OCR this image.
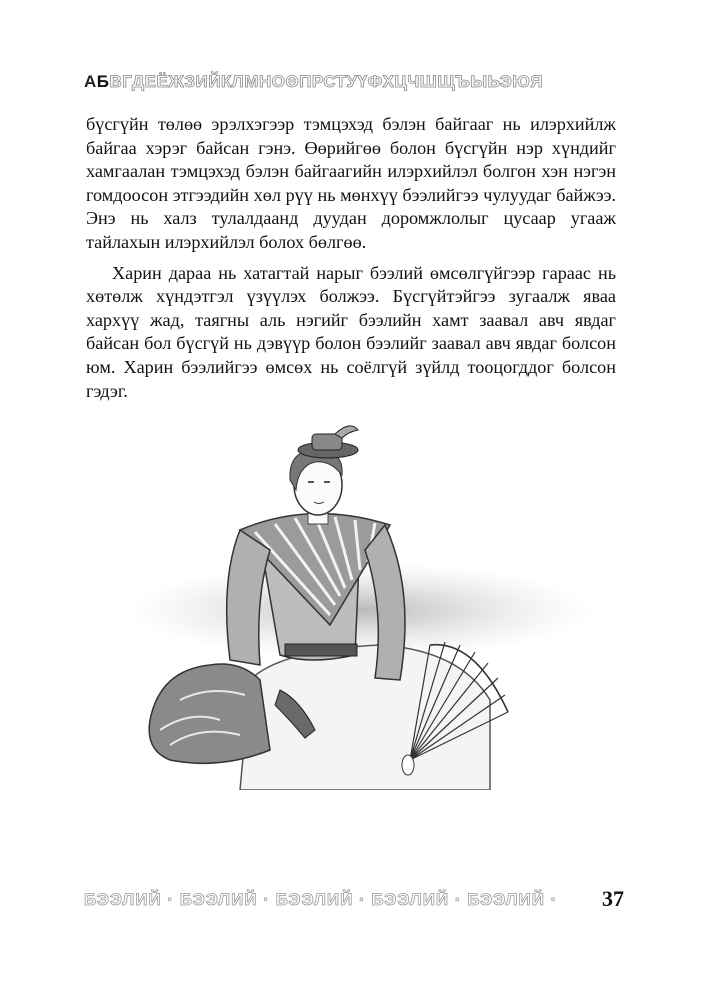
АБВГДЕЁЖЗИЙКЛМНОӨПРСТУҮФХЦЧШЩЪЫЬЭЮЯ

бүсгүйн төлөө эрэлхэгээр тэмцэхэд бэлэн байгааг нь илэрхийлж байгаа хэрэг байсан гэнэ. Өөрийгөө болон бүсгүйн нэр хүндийг хамгаалан тэмцэхэд бэлэн байгаагийн илэрхийлэл болгон хэн нэгэн гомдоосон этгээдийн хөл рүү нь мөнхүү бээлийгээ чулуудаг байжээ. Энэ нь халз тулалдаанд дуудан доромжлолыг цусаар угааж тайлахын илэрхийлэл болох бөлгөө.

Харин дараа нь хатагтай нарыг бээлий өмсөлгүйгээр гараас нь хөтөлж хүндэтгэл үзүүлэх болжээ. Бүсгүйтэйгээ зугаалж яваа хархүү жад, таягны аль нэгийг бээлийн хамт заавал авч явдаг байсан бол бүсгүй нь дэвүүр болон бээлийг заавал авч явдаг болсон юм. Харин бээлийгээ өмсөх нь соёлгүй зүйлд тооцогддог болсон гэдэг.

БЭЭЛИЙ · БЭЭЛИЙ · БЭЭЛИЙ · БЭЭЛИЙ · БЭЭЛИЙ · 37
